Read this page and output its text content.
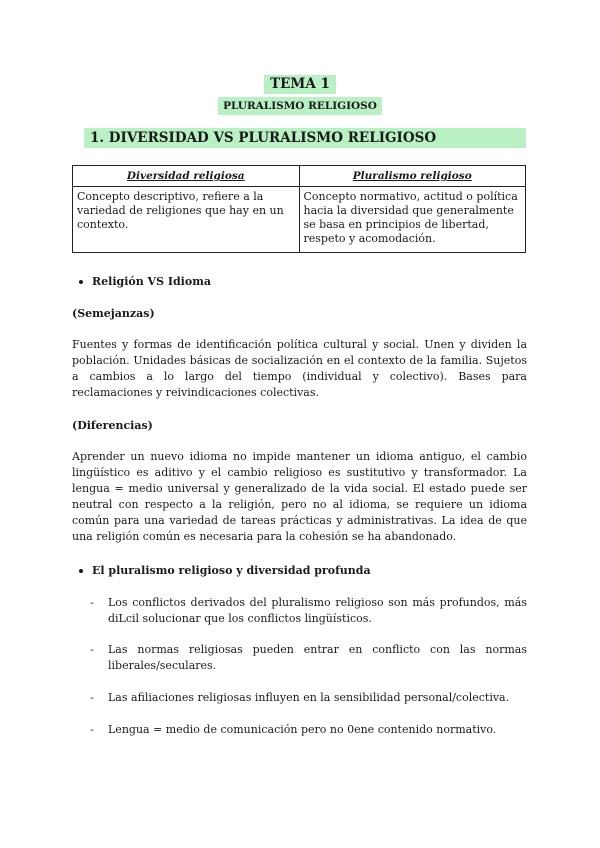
TEMA 1
PLURALISMO RELIGIOSO
1. DIVERSIDAD VS PLURALISMO RELIGIOSO
Diversidad religiosa	Pluralismo religioso
Concepto descriptivo, refiere a la variedad de religiones que hay en un contexto.	Concepto normativo, actitud o política hacia la diversidad que generalmente se basa en principios de libertad, respeto y acomodación.
Religión VS Idioma
(Semejanzas)
Fuentes y formas de identificación política cultural y social. Unen y dividen la población. Unidades básicas de socialización en el contexto de la familia. Sujetos a cambios a lo largo del tiempo (individual y colectivo). Bases para reclamaciones y reivindicaciones colectivas.
(Diferencias)
Aprender un nuevo idioma no impide mantener un idioma antiguo, el cambio lingüístico es aditivo y el cambio religioso es sustitutivo y transformador. La lengua = medio universal y generalizado de la vida social. El estado puede ser neutral con respecto a la religión, pero no al idioma, se requiere un idioma común para una variedad de tareas prácticas y administrativas. La idea de que una religión común es necesaria para la cohesión se ha abandonado.
El pluralismo religioso y diversidad profunda
- Los conflictos derivados del pluralismo religioso son más profundos, más diLcil solucionar que los conflictos lingüísticos.
- Las normas religiosas pueden entrar en conflicto con las normas liberales/seculares.
- Las afiliaciones religiosas influyen en la sensibilidad personal/colectiva.
- Lengua = medio de comunicación pero no 0ene contenido normativo.
